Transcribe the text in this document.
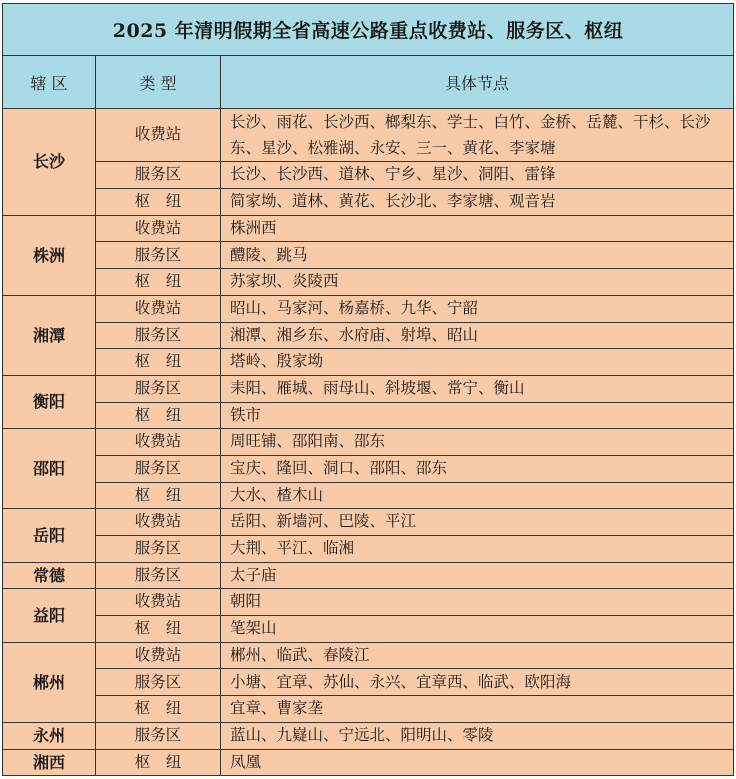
2025 年清明假期全省高速公路重点收费站、服务区、枢纽		
辖 区	类 型	具体节点
长沙	收费站	长沙、雨花、长沙西、榔梨东、学士、白竹、金桥、岳麓、干杉、长沙东、星沙、松雅湖、永安、三一、黄花、李家塘
	服务区	长沙、长沙西、道林、宁乡、星沙、洞阳、雷锋
	枢　纽	简家坳、道林、黄花、长沙北、李家塘、观音岩
株洲	收费站	株洲西
	服务区	醴陵、跳马
	枢　纽	苏家坝、炎陵西
湘潭	收费站	昭山、马家河、杨嘉桥、九华、宁韶
	服务区	湘潭、湘乡东、水府庙、射埠、昭山
	枢　纽	塔岭、殷家坳
衡阳	服务区	耒阳、雁城、雨母山、斜坡堰、常宁、衡山
	枢　纽	铁市
邵阳	收费站	周旺铺、邵阳南、邵东
	服务区	宝庆、隆回、洞口、邵阳、邵东
	枢　纽	大水、楂木山
岳阳	收费站	岳阳、新墙河、巴陵、平江
	服务区	大荆、平江、临湘
常德	服务区	太子庙
益阳	收费站	朝阳
	枢　纽	笔架山
郴州	收费站	郴州、临武、春陵江
	服务区	小塘、宜章、苏仙、永兴、宜章西、临武、欧阳海
	枢　纽	宜章、曹家垄
永州	服务区	蓝山、九嶷山、宁远北、阳明山、零陵
湘西	枢　纽	凤凰
